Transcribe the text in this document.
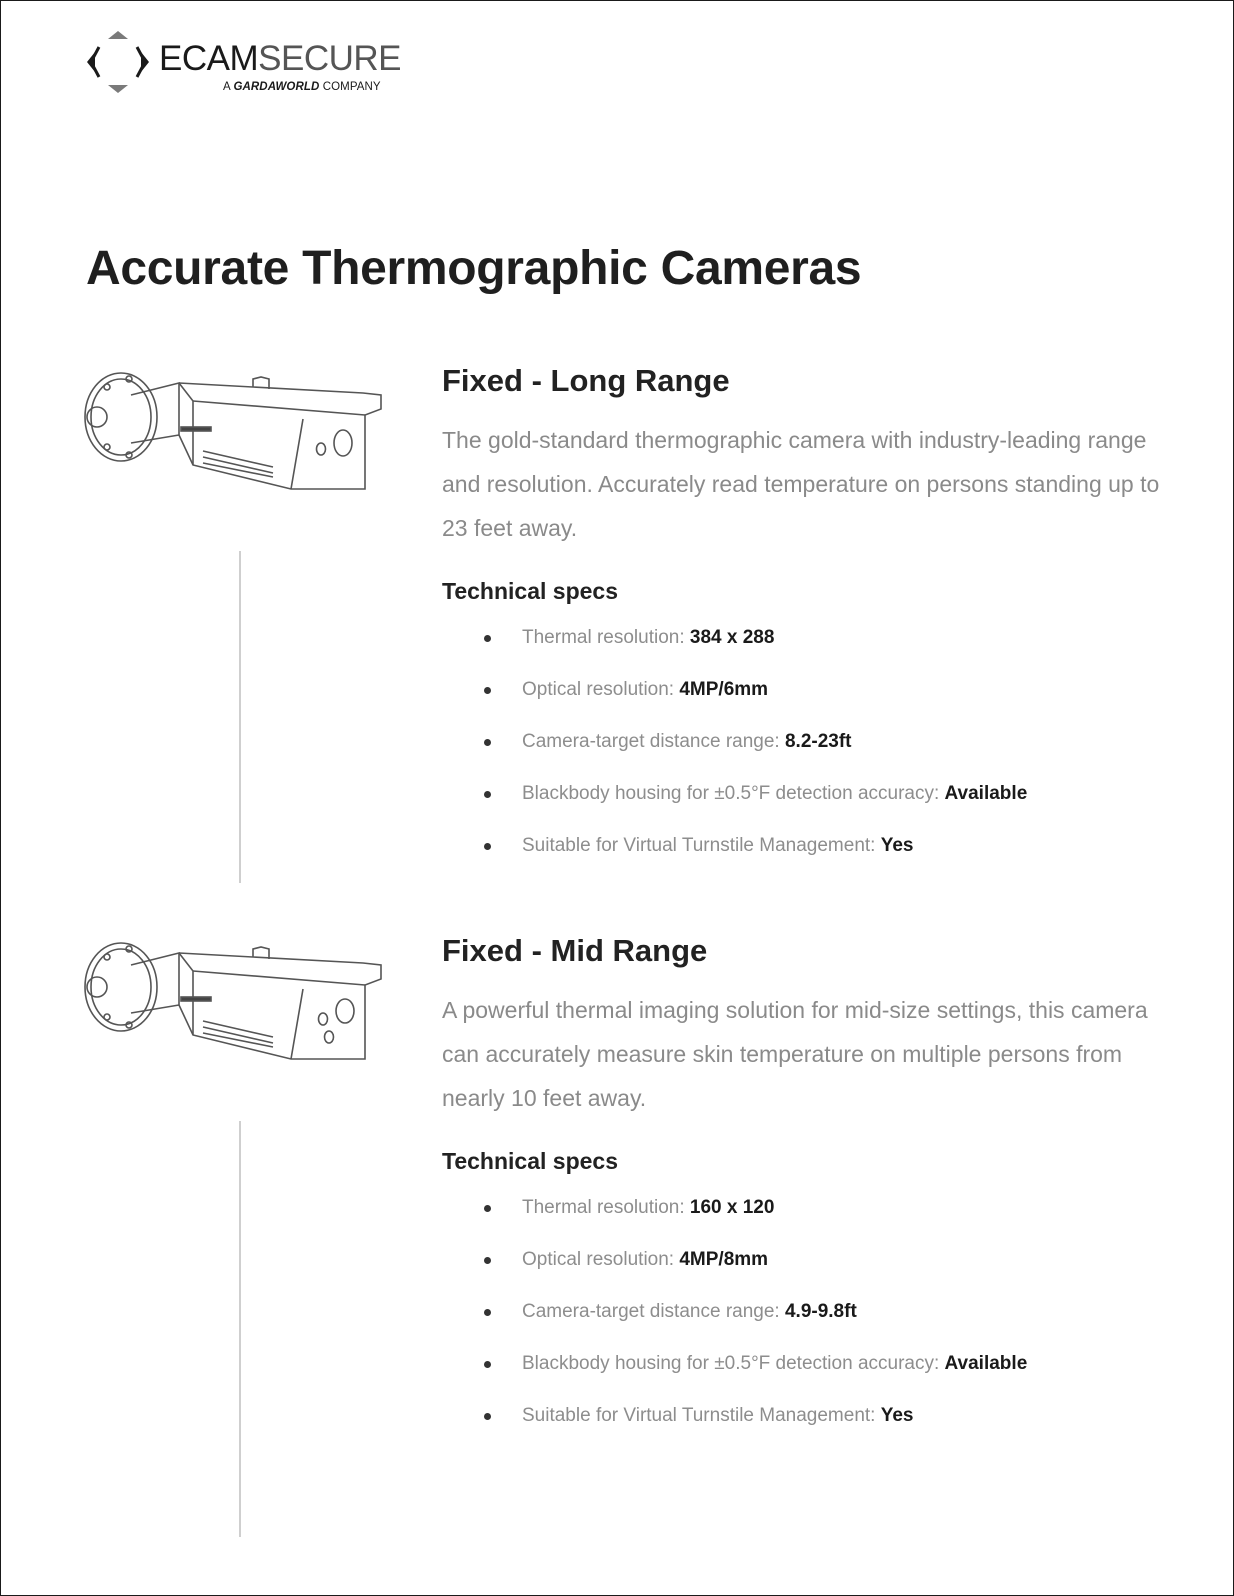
ECAMSECURE
A GARDAWORLD COMPANY
Accurate Thermographic Cameras
Fixed - Long Range

The gold-standard thermographic camera with industry-leading range and resolution. Accurately read temperature on persons standing up to 23 feet away.

Technical specs
Thermal resolution: 384 x 288
Optical resolution: 4MP/6mm
Camera-target distance range: 8.2-23ft
Blackbody housing for ±0.5°F detection accuracy: Available
Suitable for Virtual Turnstile Management: Yes
Fixed - Mid Range

A powerful thermal imaging solution for mid-size settings, this camera can accurately measure skin temperature on multiple persons from nearly 10 feet away.

Technical specs
Thermal resolution: 160 x 120
Optical resolution: 4MP/8mm
Camera-target distance range: 4.9-9.8ft
Blackbody housing for ±0.5°F detection accuracy: Available
Suitable for Virtual Turnstile Management: Yes
